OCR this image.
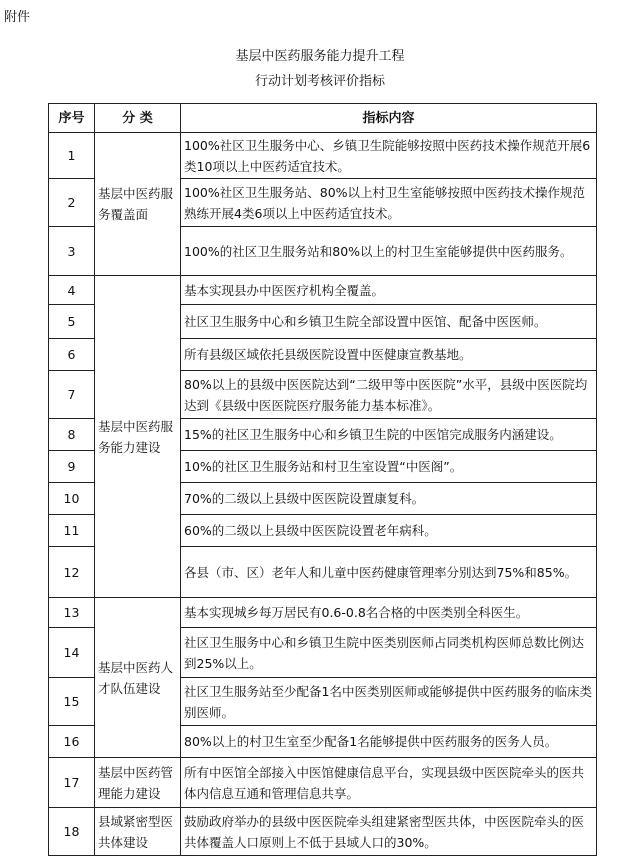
附件
基层中医药服务能力提升工程
行动计划考核评价指标
序号	分 类	指标内容
1	基层中医药服务覆盖面	100%社区卫生服务中心、乡镇卫生院能够按照中医药技术操作规范开展6类10项以上中医药适宜技术。
2		100%社区卫生服务站、80%以上村卫生室能够按照中医药技术操作规范熟练开展4类6项以上中医药适宜技术。
3		100%的社区卫生服务站和80%以上的村卫生室能够提供中医药服务。
4	基层中医药服务能力建设	基本实现县办中医医疗机构全覆盖。
5		社区卫生服务中心和乡镇卫生院全部设置中医馆、配备中医医师。
6		所有县级区域依托县级医院设置中医健康宣教基地。
7		80%以上的县级中医医院达到“二级甲等中医医院”水平，县级中医医院均达到《县级中医医院医疗服务能力基本标准》。
8		15%的社区卫生服务中心和乡镇卫生院的中医馆完成服务内涵建设。
9		10%的社区卫生服务站和村卫生室设置“中医阁”。
10		70%的二级以上县级中医医院设置康复科。
11		60%的二级以上县级中医医院设置老年病科。
12		各县（市、区）老年人和儿童中医药健康管理率分别达到75%和85%。
13	基层中医药人才队伍建设	基本实现城乡每万居民有0.6-0.8名合格的中医类别全科医生。
14		社区卫生服务中心和乡镇卫生院中医类别医师占同类机构医师总数比例达到25%以上。
15		社区卫生服务站至少配备1名中医类别医师或能够提供中医药服务的临床类别医师。
16		80%以上的村卫生室至少配备1名能够提供中医药服务的医务人员。
17	基层中医药管理能力建设	所有中医馆全部接入中医馆健康信息平台，实现县级中医医院牵头的医共体内信息互通和管理信息共享。
18	县域紧密型医共体建设	鼓励政府举办的县级中医医院牵头组建紧密型医共体，中医医院牵头的医共体覆盖人口原则上不低于县域人口的30%。
